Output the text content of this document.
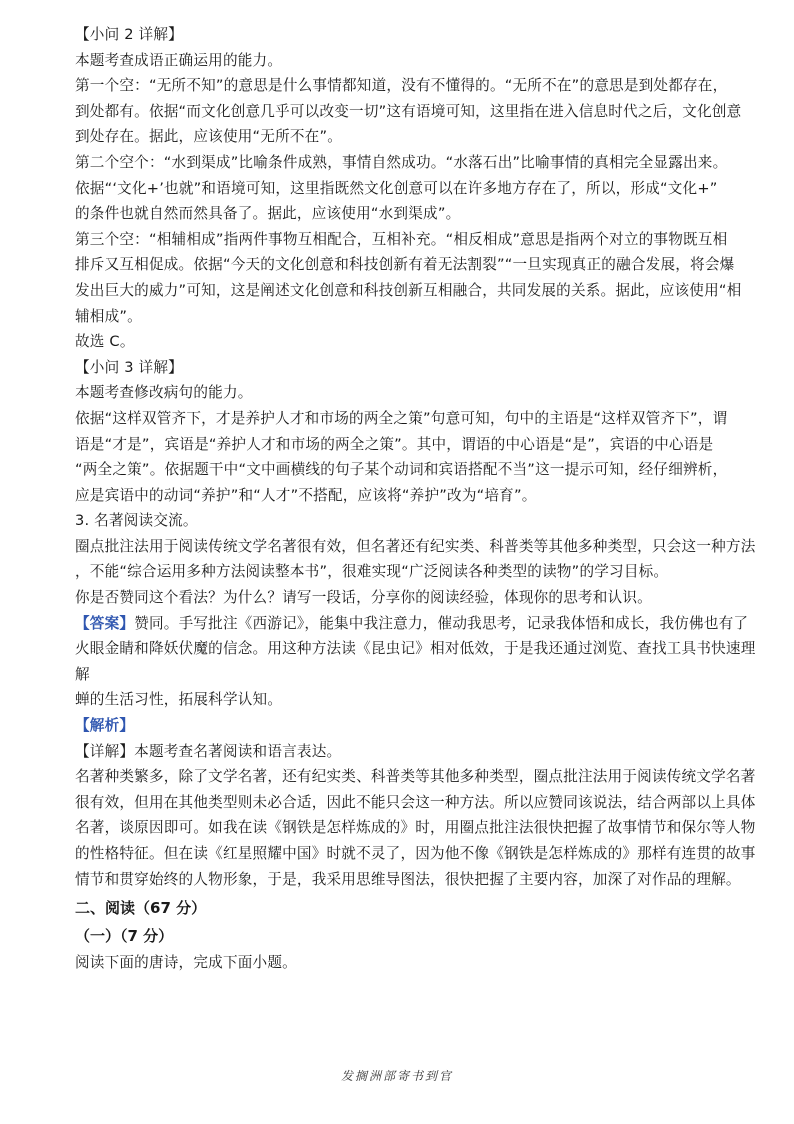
【小问 2 详解】
本题考查成语正确运用的能力。
第一个空：“无所不知”的意思是什么事情都知道，没有不懂得的。“无所不在”的意思是到处都存在，
到处都有。依据“而文化创意几乎可以改变一切”这有语境可知，这里指在进入信息时代之后，文化创意
到处存在。据此，应该使用“无所不在”。
第二个空个：“水到渠成”比喻条件成熟，事情自然成功。“水落石出”比喻事情的真相完全显露出来。
依据“‘文化+’也就”和语境可知，这里指既然文化创意可以在许多地方存在了，所以，形成“文化+”
的条件也就自然而然具备了。据此，应该使用“水到渠成”。
第三个空：“相辅相成”指两件事物互相配合，互相补充。“相反相成”意思是指两个对立的事物既互相
排斥又互相促成。依据“今天的文化创意和科技创新有着无法割裂”“一旦实现真正的融合发展，将会爆
发出巨大的威力”可知，这是阐述文化创意和科技创新互相融合，共同发展的关系。据此，应该使用“相
辅相成”。
故选 C。
【小问 3 详解】
本题考查修改病句的能力。
依据“这样双管齐下，才是养护人才和市场的两全之策”句意可知，句中的主语是“这样双管齐下”，谓
语是“才是”，宾语是“养护人才和市场的两全之策”。其中，谓语的中心语是“是”，宾语的中心语是
“两全之策”。依据题干中“文中画横线的句子某个动词和宾语搭配不当”这一提示可知，经仔细辨析，
应是宾语中的动词“养护”和“人才”不搭配，应该将“养护”改为“培育”。
3. 名著阅读交流。
圈点批注法用于阅读传统文学名著很有效，但名著还有纪实类、科普类等其他多种类型，只会这一种方法
，不能“综合运用多种方法阅读整本书”，很难实现“广泛阅读各种类型的读物”的学习目标。
你是否赞同这个看法？为什么？请写一段话，分享你的阅读经验，体现你的思考和认识。
【答案】赞同。手写批注《西游记》，能集中我注意力，催动我思考，记录我体悟和成长，我仿佛也有了
火眼金睛和降妖伏魔的信念。用这种方法读《昆虫记》相对低效，于是我还通过浏览、查找工具书快速理
解
蝉的生活习性，拓展科学认知。
【解析】
【详解】本题考查名著阅读和语言表达。
名著种类繁多，除了文学名著，还有纪实类、科普类等其他多种类型，圈点批注法用于阅读传统文学名著
很有效，但用在其他类型则未必合适，因此不能只会这一种方法。所以应赞同该说法，结合两部以上具体
名著，谈原因即可。如我在读《钢铁是怎样炼成的》时，用圈点批注法很快把握了故事情节和保尔等人物
的性格特征。但在读《红星照耀中国》时就不灵了，因为他不像《钢铁是怎样炼成的》那样有连贯的故事
情节和贯穿始终的人物形象，于是，我采用思维导图法，很快把握了主要内容，加深了对作品的理解。
二、阅读（67 分）
（一）（7 分）
阅读下面的唐诗，完成下面小题。
发搁洲部寄书到官
